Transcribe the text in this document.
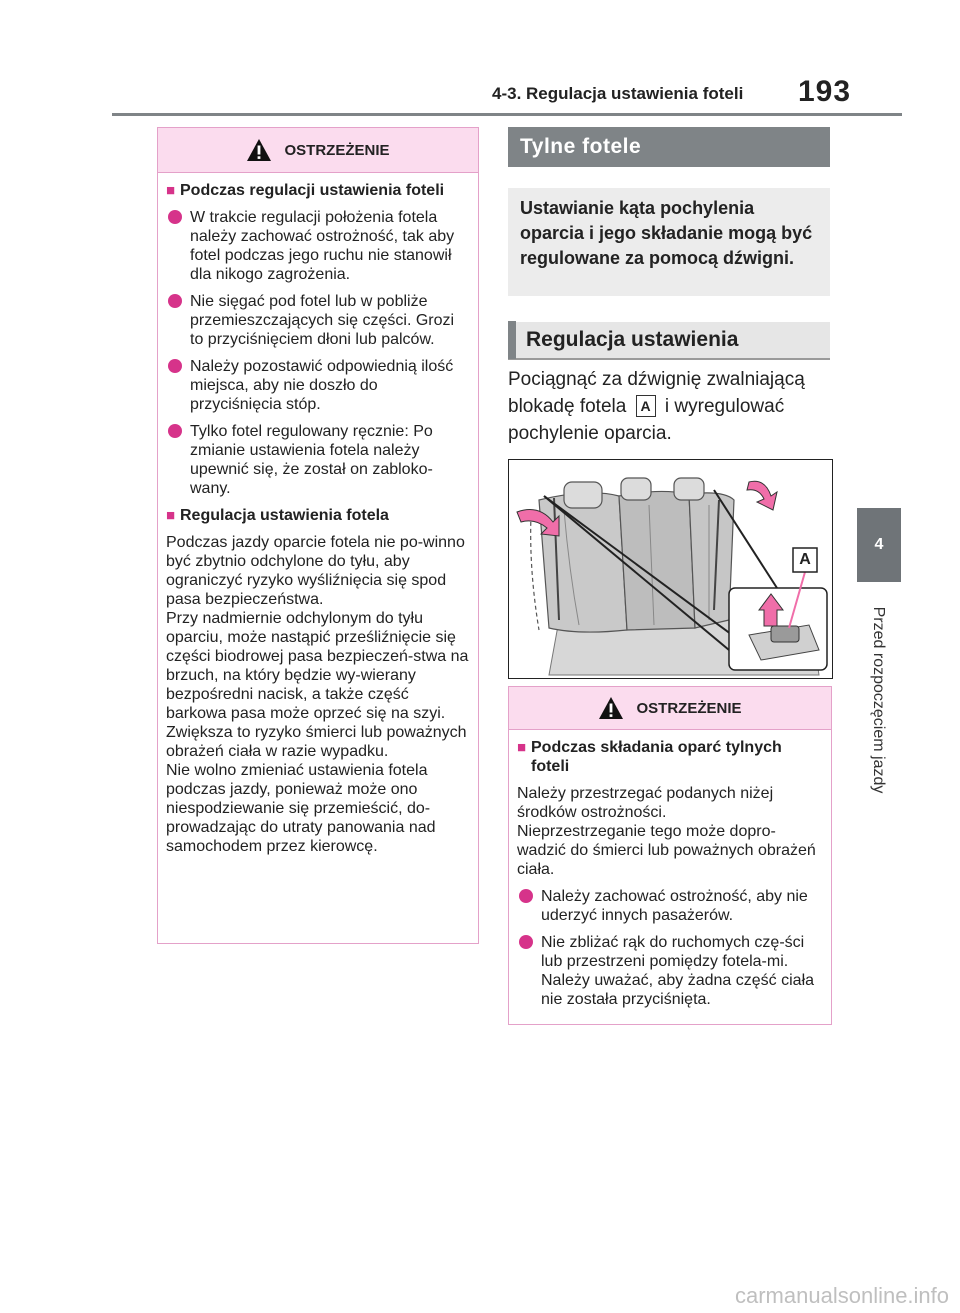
4-3. Regulacja ustawienia foteli 193
4
Przed rozpoczęciem jazdy
OSTRZEŻENIE
■ Podczas regulacji ustawienia foteli
W trakcie regulacji położenia fotela należy zachować ostrożność, tak aby fotel podczas jego ruchu nie stanowił dla nikogo zagrożenia.
Nie sięgać pod fotel lub w pobliże przemieszczających się części. Grozi to przyciśnięciem dłoni lub palców.
Należy pozostawić odpowiednią ilość miejsca, aby nie doszło do przyciśnięcia stóp.
Tylko fotel regulowany ręcznie: Po zmianie ustawienia fotela należy upewnić się, że został on zabloko-wany.
■ Regulacja ustawienia fotela
Podczas jazdy oparcie fotela nie po-winno być zbytnio odchylone do tyłu, aby ograniczyć ryzyko wyśliźnięcia się spod pasa bezpieczeństwa.
Przy nadmiernie odchylonym do tyłu oparciu, może nastąpić prześliźnięcie się części biodrowej pasa bezpieczeń-stwa na brzuch, na który będzie wy-wierany bezpośredni nacisk, a także część barkowa pasa może oprzeć się na szyi. Zwiększa to ryzyko śmierci lub poważnych obrażeń ciała w razie wypadku.
Nie wolno zmieniać ustawienia fotela podczas jazdy, ponieważ może ono niespodziewanie się przemieścić, do-prowadzając do utraty panowania nad samochodem przez kierowcę.
Tylne fotele
Ustawianie kąta pochylenia oparcia i jego składanie mogą być regulowane za pomocą dźwigni.
Regulacja ustawienia
Pociągnąć za dźwignię zwalniającą blokadę fotela A i wyregulować pochylenie oparcia.
A
OSTRZEŻENIE
■ Podczas składania oparć tylnych foteli
Należy przestrzegać podanych niżej środków ostrożności.
Nieprzestrzeganie tego może dopro-wadzić do śmierci lub poważnych obrażeń ciała.
Należy zachować ostrożność, aby nie uderzyć innych pasażerów.
Nie zbliżać rąk do ruchomych czę-ści lub przestrzeni pomiędzy fotela-mi. Należy uważać, aby żadna część ciała nie została przyciśnięta.
carmanualsonline.info
